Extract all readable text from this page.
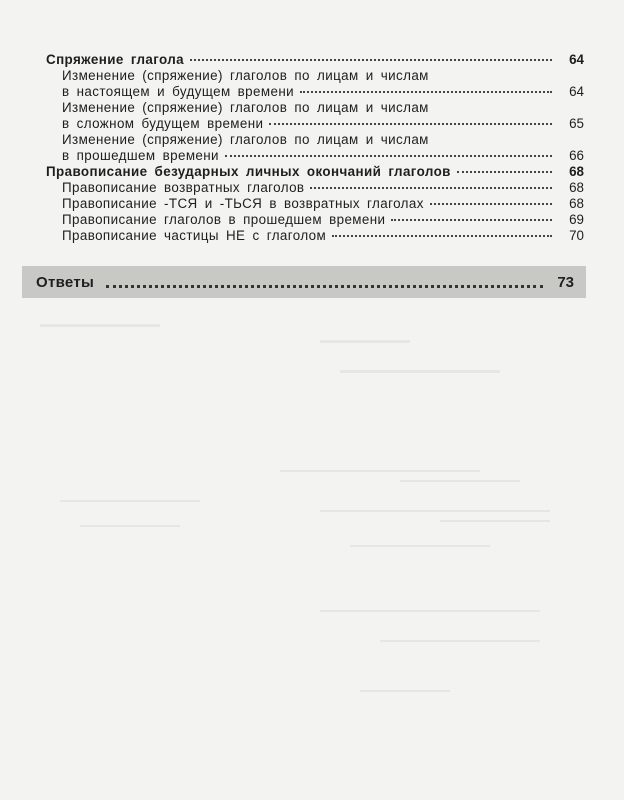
Спряжение глагола	64
Изменение (спряжение) глаголов по лицам и числам
в настоящем и будущем времени	64
Изменение (спряжение) глаголов по лицам и числам
в сложном будущем времени	65
Изменение (спряжение) глаголов по лицам и числам
в прошедшем времени	66
Правописание безударных личных окончаний глаголов	68
Правописание возвратных глаголов	68
Правописание -ТСЯ и -ТЬСЯ в возвратных глаголах	68
Правописание глаголов в прошедшем времени	69
Правописание частицы НЕ с глаголом	70
Ответы	73
